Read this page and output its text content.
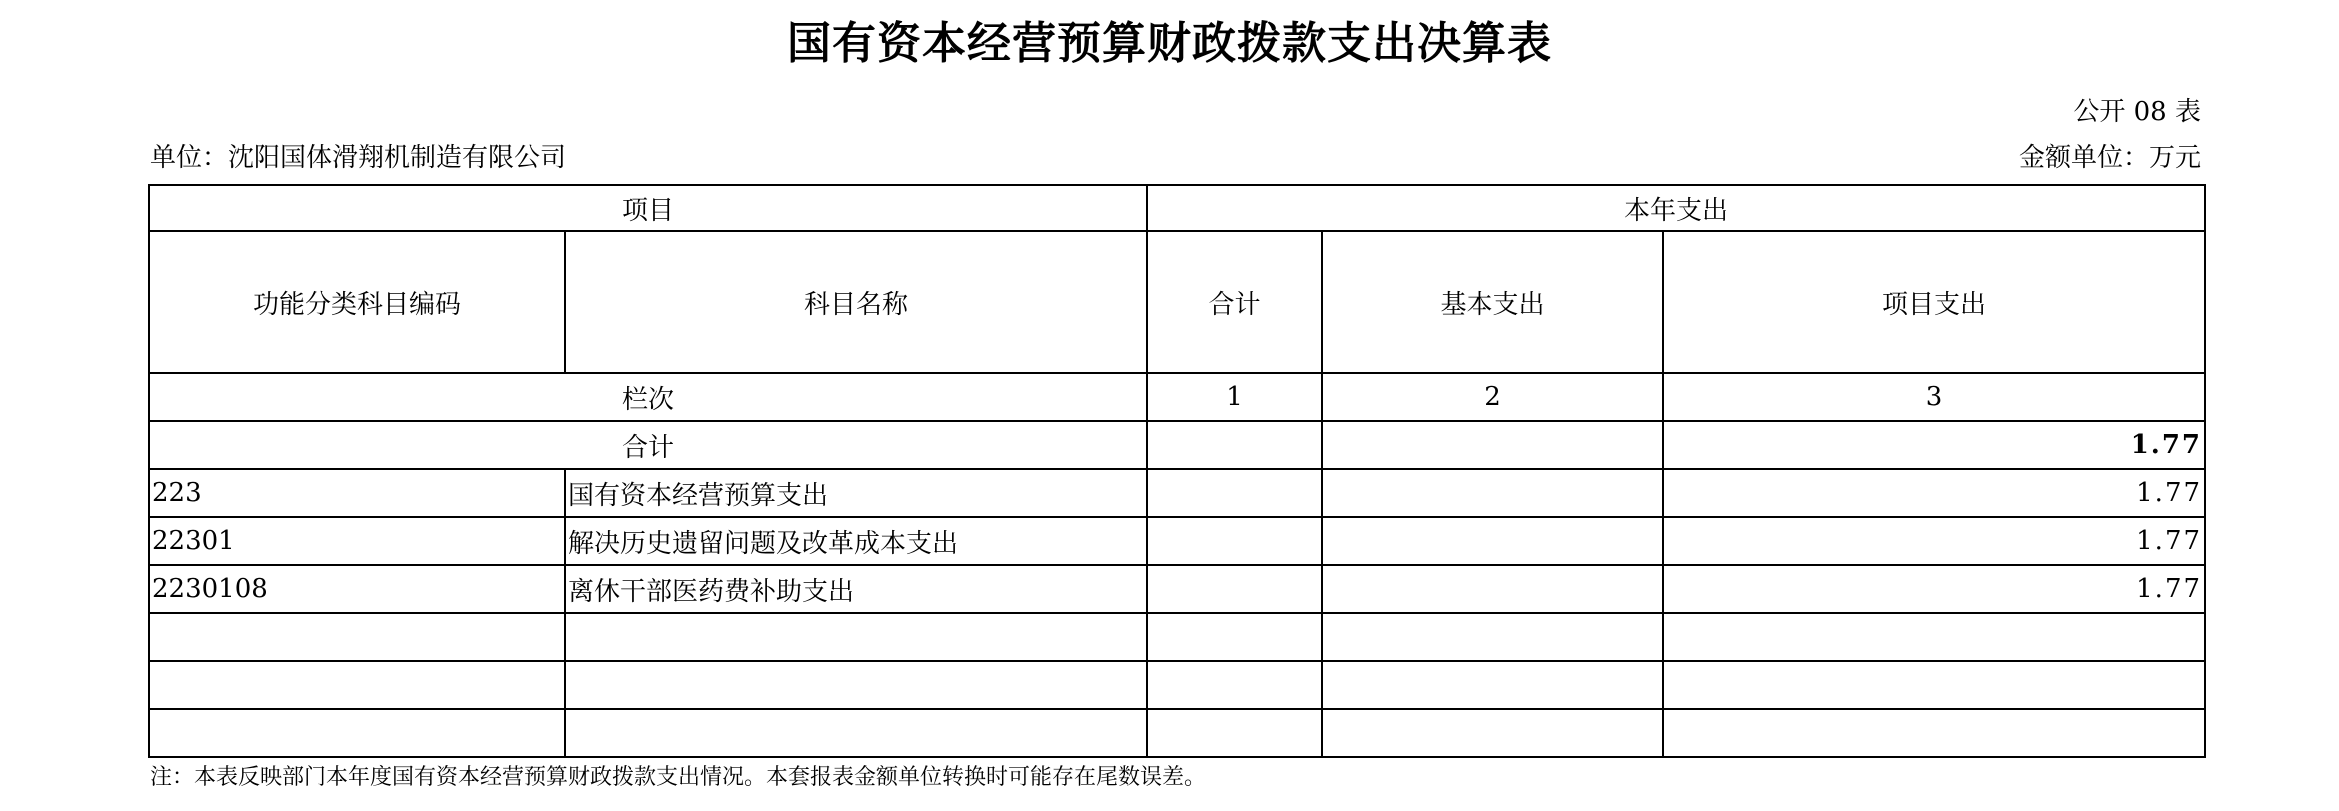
国有资本经营预算财政拨款支出决算表
公开 08 表
单位：沈阳国体滑翔机制造有限公司	金额单位：万元
项目		本年支出		
功能分类科目编码	科目名称	合计	基本支出	项目支出
栏次		1	2	3
合计				1.77
223	国有资本经营预算支出			1.77
22301	解决历史遗留问题及改革成本支出			1.77
2230108	离休干部医药费补助支出			1.77

注：本表反映部门本年度国有资本经营预算财政拨款支出情况。本套报表金额单位转换时可能存在尾数误差。
